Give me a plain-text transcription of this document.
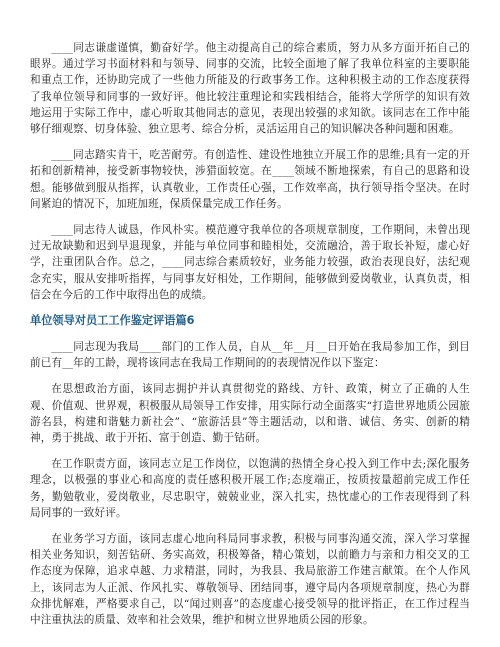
____同志谦虚谨慎，勤奋好学。他主动提高自己的综合素质，努力从多方面开拓自己的眼界。通过学习书面材料和与领导、同事的交流，比较全面地了解了我单位科室的主要职能和重点工作，还协助完成了一些他力所能及的行政事务工作。这种积极主动的工作态度获得了我单位领导和同事的一致好评。他比较注重理论和实践相结合，能将大学所学的知识有效地运用于实际工作中，虚心听取其他同志的意见，表现出较强的求知欲。该同志在工作中能够仔细观察、切身体验、独立思考、综合分析，灵活运用自己的知识解决各种问题和困难。

____同志踏实肯干，吃苦耐劳。有创造性、建设性地独立开展工作的思维;具有一定的开拓和创新精神，接受新事物较快，涉猎面较宽。在____领域不断地探索，有自己的思路和设想。能够做到服从指挥，认真敬业，工作责任心强，工作效率高，执行领导指令坚决。在时间紧迫的情况下，加班加班，保质保量完成工作任务。

____同志待人诚恳，作风朴实。模范遵守我单位的各项规章制度，工作期间，未曾出现过无故缺勤和迟到早退现象，并能与单位同事和睦相处，交流融洽，善于取长补短，虚心好学，注重团队合作。总之，____同志综合素质较好，业务能力较强，政治表现良好，法纪观念充实，服从安排听指挥，与同事友好相处，工作期间，能够做到爱岗敬业，认真负责，相信会在今后的工作中取得出色的成绩。

单位领导对员工工作鉴定评语篇6

____同志现为我局____部门的工作人员，自从__年__月__日开始在我局参加工作，到目前已有__年的工龄，现将该同志在我局工作期间的的表现情况作以下鉴定：

在思想政治方面，该同志拥护并认真贯彻党的路线、方针、政策，树立了正确的人生观、价值观、世界观，积极服从局领导工作安排，用实际行动全面落实“打造世界地质公园旅游名县，构建和谐魅力新社会”、“旅游活县”等主题活动，以和谐、诚信、务实、创新的精神，勇于挑战、敢于开拓、富于创造、勤于钻研。

在工作职责方面，该同志立足工作岗位，以饱满的热情全身心投入到工作中去;深化服务理念，以极强的事业心和高度的责任感积极开展工作;态度端正，按质按量超前完成工作任务，勤勉敬业，爱岗敬业，尽忠职守，兢兢业业，深入扎实，热忱虚心的工作表现得到了科局同事的一致好评。

在业务学习方面，该同志虚心地向科局同事求教，积极与同事沟通交流，深入学习掌握相关业务知识，刻苦钻研、务实高效，积极筹备，精心策划，以前瞻力与亲和力相交叉的工作态度为保障，追求卓越、力求精湛，同时，为我县、我局旅游工作建言献策。在个人作风上，该同志为人正派、作风扎实、尊敬领导、团结同事，遵守局内各项规章制度，热心为群众排忧解难，严格要求自己，以“闻过则喜”的态度虚心接受领导的批评指正，在工作过程当中注重执法的质量、效率和社会效果，维护和树立世界地质公园的形象。
